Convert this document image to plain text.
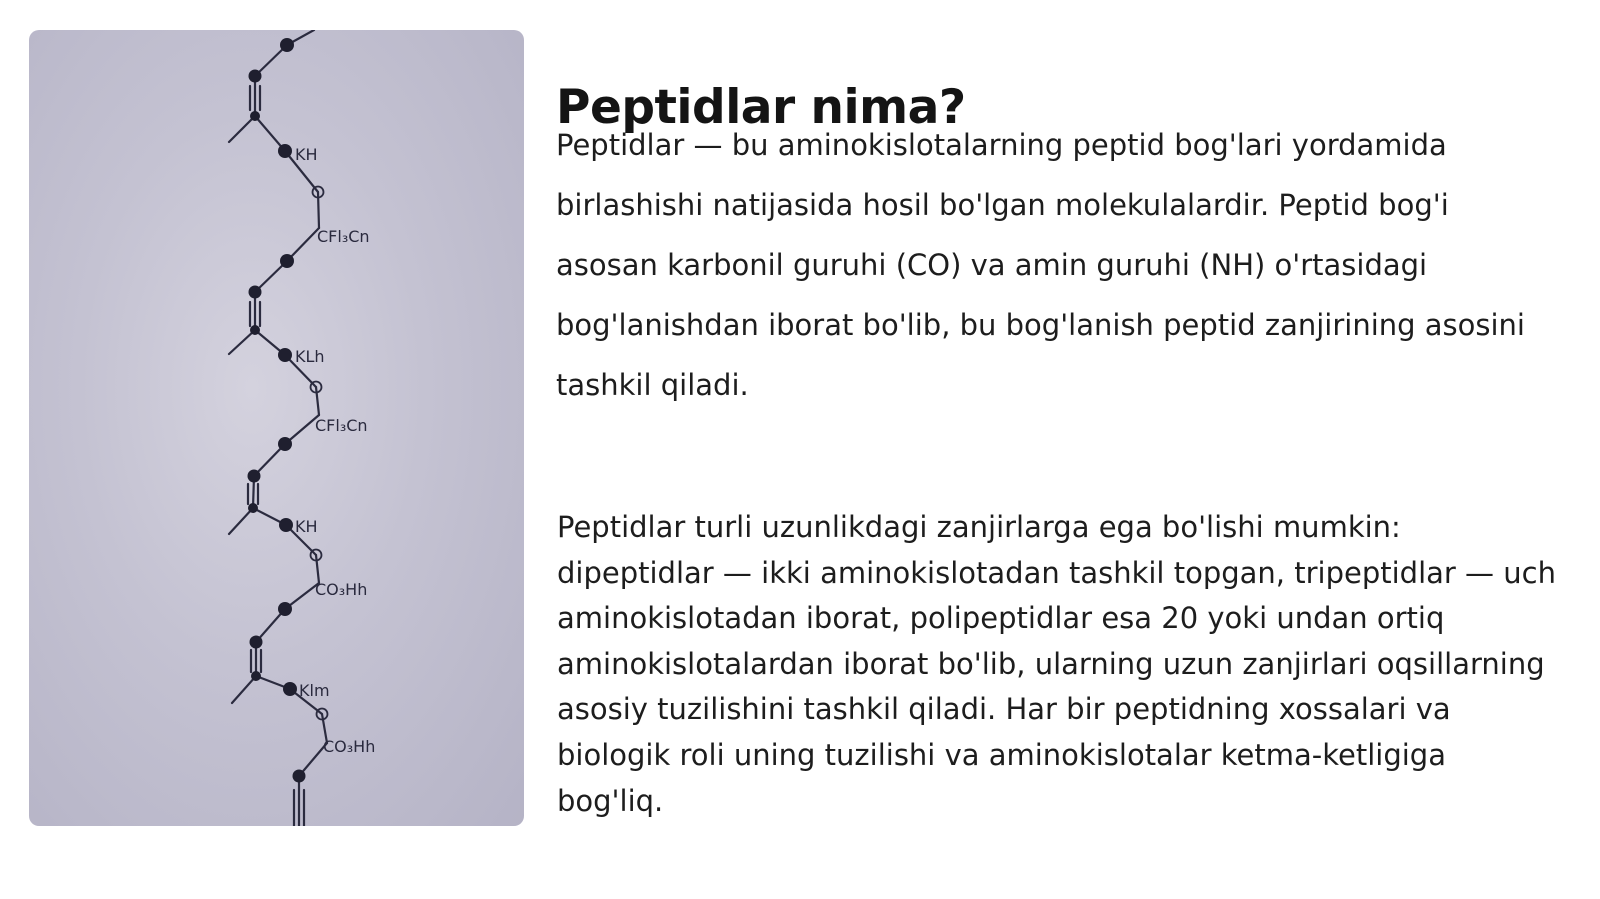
ΚΗ
CFl₃Cn
ΚLh
CFl₃Cn
ΚΗ
CO₃Hh
Κlm
CO₃Hh
Peptidlar nima?

Peptidlar — bu aminokislotalarning peptid bog'lari yordamida birlashishi natijasida hosil bo'lgan molekulalardir. Peptid bog'i asosan karbonil guruhi (CO) va amin guruhi (NH) o'rtasidagi bog'lanishdan iborat bo'lib, bu bog'lanish peptid zanjirining asosini tashkil qiladi.

Peptidlar turli uzunlikdagi zanjirlarga ega bo'lishi mumkin: dipeptidlar — ikki aminokislotadan tashkil topgan, tripeptidlar — uch aminokislotadan iborat, polipeptidlar esa 20 yoki undan ortiq aminokislotalardan iborat bo'lib, ularning uzun zanjirlari oqsillarning asosiy tuzilishini tashkil qiladi. Har bir peptidning xossalari va biologik roli uning tuzilishi va aminokislotalar ketma-ketligiga bog'liq.
